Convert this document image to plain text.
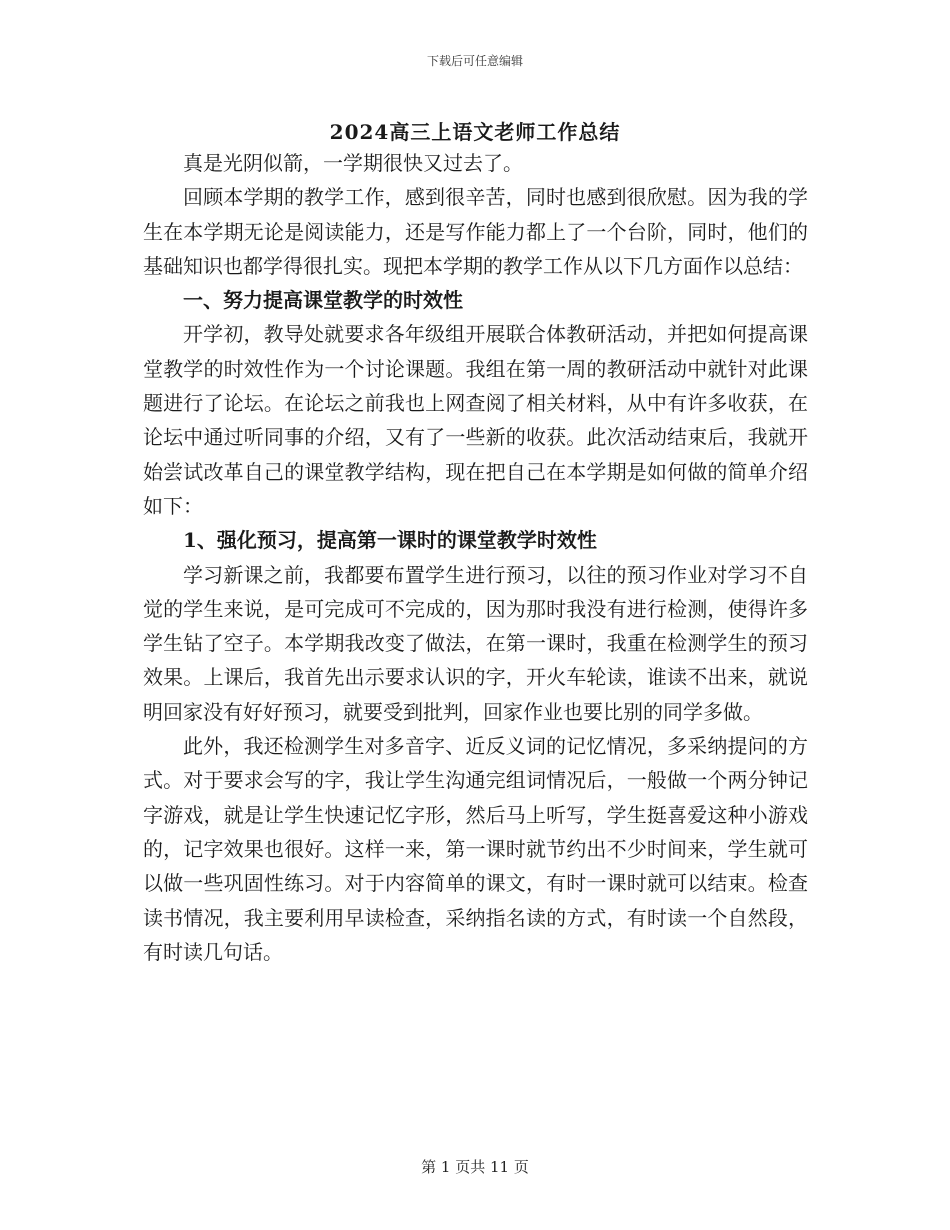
下载后可任意编辑
2024高三上语文老师工作总结

真是光阴似箭，一学期很快又过去了。

回顾本学期的教学工作，感到很辛苦，同时也感到很欣慰。因为我的学生在本学期无论是阅读能力，还是写作能力都上了一个台阶，同时，他们的基础知识也都学得很扎实。现把本学期的教学工作从以下几方面作以总结：

一、努力提高课堂教学的时效性

开学初，教导处就要求各年级组开展联合体教研活动，并把如何提高课堂教学的时效性作为一个讨论课题。我组在第一周的教研活动中就针对此课题进行了论坛。在论坛之前我也上网查阅了相关材料，从中有许多收获，在论坛中通过听同事的介绍，又有了一些新的收获。此次活动结束后，我就开始尝试改革自己的课堂教学结构，现在把自己在本学期是如何做的简单介绍如下：

1、强化预习，提高第一课时的课堂教学时效性

学习新课之前，我都要布置学生进行预习，以往的预习作业对学习不自觉的学生来说，是可完成可不完成的，因为那时我没有进行检测，使得许多学生钻了空子。本学期我改变了做法，在第一课时，我重在检测学生的预习效果。上课后，我首先出示要求认识的字，开火车轮读，谁读不出来，就说明回家没有好好预习，就要受到批判，回家作业也要比别的同学多做。

此外，我还检测学生对多音字、近反义词的记忆情况，多采纳提问的方式。对于要求会写的字，我让学生沟通完组词情况后，一般做一个两分钟记字游戏，就是让学生快速记忆字形，然后马上听写，学生挺喜爱这种小游戏的，记字效果也很好。这样一来，第一课时就节约出不少时间来，学生就可以做一些巩固性练习。对于内容简单的课文，有时一课时就可以结束。检查读书情况，我主要利用早读检查，采纳指名读的方式，有时读一个自然段，有时读几句话。

第 1 页共 11 页
